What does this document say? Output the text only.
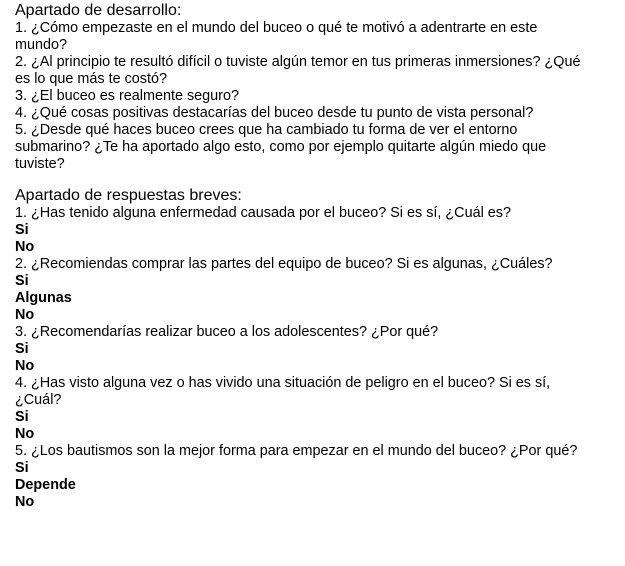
Apartado de desarrollo:

1. ¿Cómo empezaste en el mundo del buceo o qué te motivó a adentrarte en este mundo?

2. ¿Al principio te resultó difícil o tuviste algún temor en tus primeras inmersiones? ¿Qué es lo que más te costó?

3. ¿El buceo es realmente seguro?

4. ¿Qué cosas positivas destacarías del buceo desde tu punto de vista personal?

5. ¿Desde qué haces buceo crees que ha cambiado tu forma de ver el entorno submarino? ¿Te ha aportado algo esto, como por ejemplo quitarte algún miedo que tuviste?

Apartado de respuestas breves:

1. ¿Has tenido alguna enfermedad causada por el buceo? Si es sí, ¿Cuál es?

Si

No

2. ¿Recomiendas comprar las partes del equipo de buceo? Si es algunas, ¿Cuáles?

Si

Algunas

No

3. ¿Recomendarías realizar buceo a los adolescentes? ¿Por qué?

Si

No

4. ¿Has visto alguna vez o has vivido una situación de peligro en el buceo? Si es sí, ¿Cuál?

Si

No

5. ¿Los bautismos son la mejor forma para empezar en el mundo del buceo? ¿Por qué?

Si

Depende

No
